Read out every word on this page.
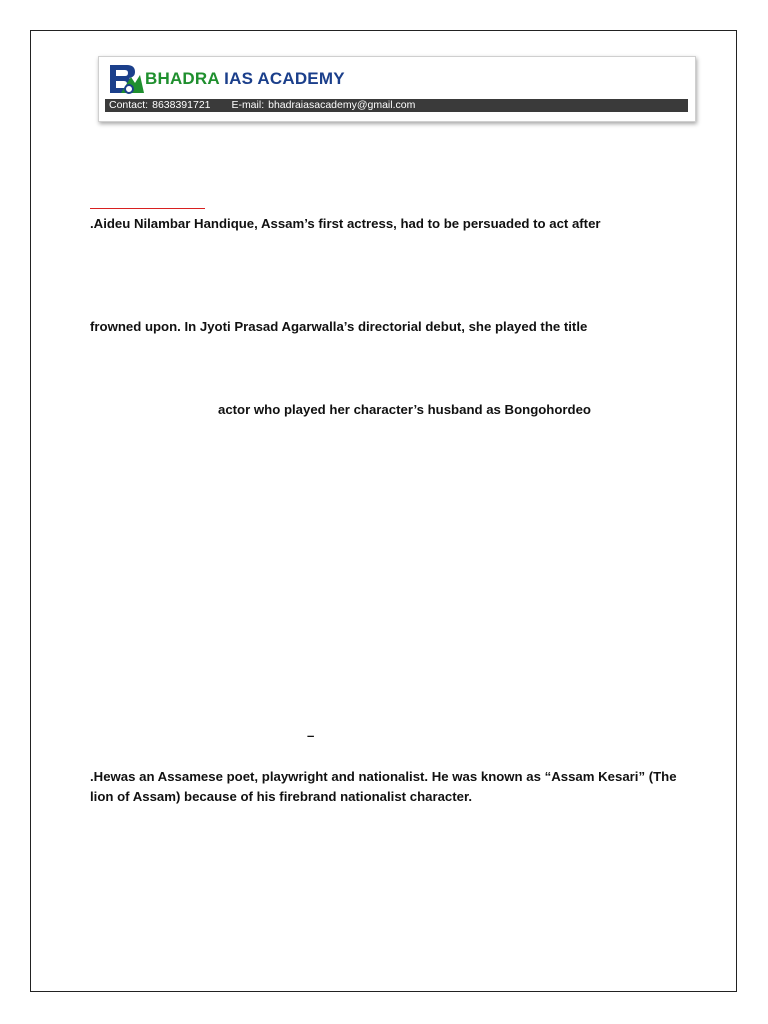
BHADRA IAS ACADEMY
Contact: 8638391721 E-mail: bhadraiasacademy@gmail.com
.Aideu Nilambar Handique, Assam’s first actress, had to be persuaded to act after
frowned upon. In Jyoti Prasad Agarwalla’s directorial debut, she played the title
actor who played her character’s husband as Bongohordeo
–
.Hewas an Assamese poet, playwright and nationalist. He was known as “Assam Kesari” (The lion of Assam) because of his firebrand nationalist character.
